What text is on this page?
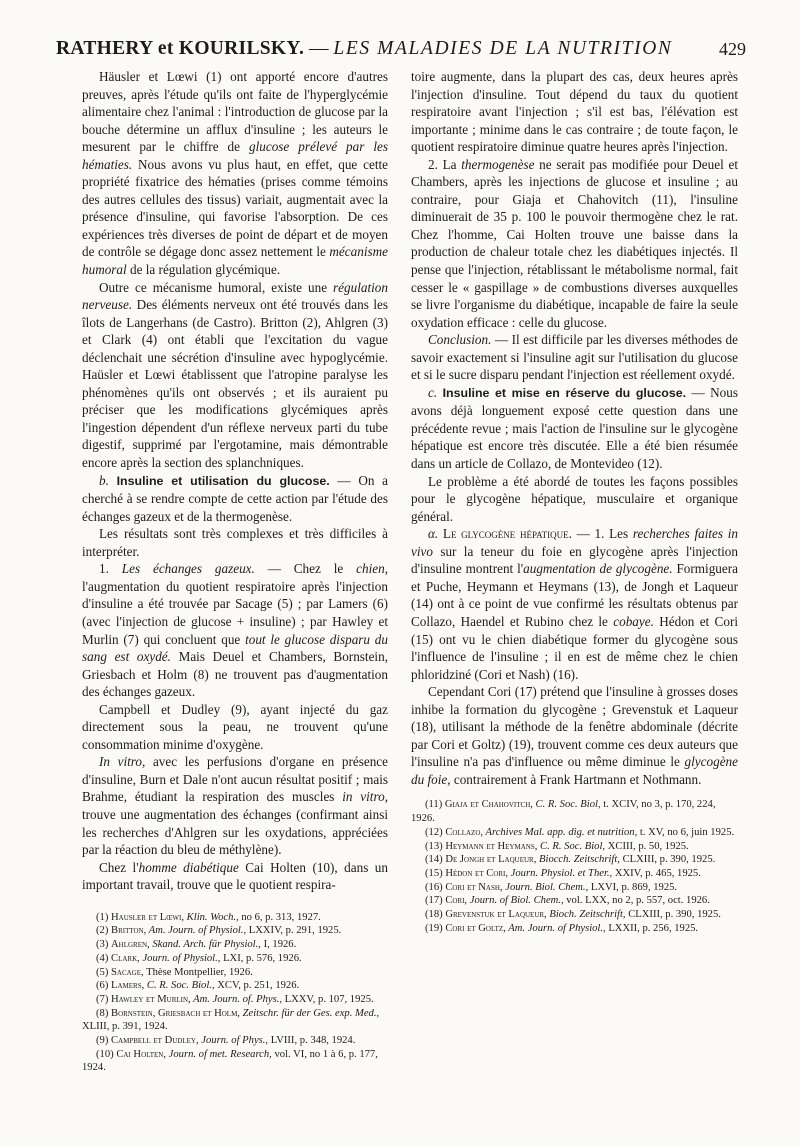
RATHERY et KOURILSKY. — LES MALADIES DE LA NUTRITION	429

Häusler et Lœwi (1) ont apporté encore d'autres preuves, après l'étude qu'ils ont faite de l'hyperglycémie alimentaire chez l'animal : l'introduction de glucose par la bouche détermine un afflux d'insuline ; les auteurs le mesurent par le chiffre de glucose prélevé par les hématies. Nous avons vu plus haut, en effet, que cette propriété fixatrice des hématies (prises comme témoins des autres cellules des tissus) variait, augmentait avec la présence d'insuline, qui favorise l'absorption. De ces expériences très diverses de point de départ et de moyen de contrôle se dégage donc assez nettement le mécanisme humoral de la régulation glycémique.

Outre ce mécanisme humoral, existe une régulation nerveuse. Des éléments nerveux ont été trouvés dans les îlots de Langerhans (de Castro). Britton (2), Ahlgren (3) et Clark (4) ont établi que l'excitation du vague déclenchait une sécrétion d'insuline avec hypoglycémie. Haüsler et Lœwi établissent que l'atropine paralyse les phénomènes qu'ils ont observés ; et ils auraient pu préciser que les modifications glycémiques après l'ingestion dépendent d'un réflexe nerveux parti du tube digestif, supprimé par l'ergotamine, mais démontrable encore après la section des splanchniques.

b. Insuline et utilisation du glucose. — On a cherché à se rendre compte de cette action par l'étude des échanges gazeux et de la thermogenèse.

Les résultats sont très complexes et très difficiles à interpréter.

1. Les échanges gazeux. — Chez le chien, l'augmentation du quotient respiratoire après l'injection d'insuline a été trouvée par Sacage (5) ; par Lamers (6) (avec l'injection de glucose + insuline) ; par Hawley et Murlin (7) qui concluent que tout le glucose disparu du sang est oxydé. Mais Deuel et Chambers, Bornstein, Griesbach et Holm (8) ne trouvent pas d'augmentation des échanges gazeux.

Campbell et Dudley (9), ayant injecté du gaz directement sous la peau, ne trouvent qu'une consommation minime d'oxygène.

In vitro, avec les perfusions d'organe en présence d'insuline, Burn et Dale n'ont aucun résultat positif ; mais Brahme, étudiant la respiration des muscles in vitro, trouve une augmentation des échanges (confirmant ainsi les recherches d'Ahlgren sur les oxydations, appréciées par la réaction du bleu de méthylène).

Chez l'homme diabétique Cai Holten (10), dans un important travail, trouve que le quotient respira-

(1) Hausler et Lœwi, Klin. Woch., no 6, p. 313, 1927.
(2) Britton, Am. Journ. of Physiol., LXXIV, p. 291, 1925.
(3) Ahlgren, Skand. Arch. für Physiol., I, 1926.
(4) Clark, Journ. of Physiol., LXI, p. 576, 1926.
(5) Sacage, Thèse Montpellier, 1926.
(6) Lamers, C. R. Soc. Biol., XCV, p. 251, 1926.
(7) Hawley et Murlin, Am. Journ. of. Phys., LXXV, p. 107, 1925.
(8) Bornstein, Griesbach et Holm, Zeitschr. für der Ges. exp. Med., XLIII, p. 391, 1924.
(9) Campbell et Dudley, Journ. of Phys., LVIII, p. 348, 1924.
(10) Cai Holten, Journ. of met. Research, vol. VI, no 1 à 6, p. 177, 1924.

toire augmente, dans la plupart des cas, deux heures après l'injection d'insuline. Tout dépend du taux du quotient respiratoire avant l'injection ; s'il est bas, l'élévation est importante ; minime dans le cas contraire ; de toute façon, le quotient respiratoire diminue quatre heures après l'injection.

2. La thermogenèse ne serait pas modifiée pour Deuel et Chambers, après les injections de glucose et insuline ; au contraire, pour Giaja et Chahovitch (11), l'insuline diminuerait de 35 p. 100 le pouvoir thermogène chez le rat. Chez l'homme, Cai Holten trouve une baisse dans la production de chaleur totale chez les diabétiques injectés. Il pense que l'injection, rétablissant le métabolisme normal, fait cesser le « gaspillage » de combustions diverses auxquelles se livre l'organisme du diabétique, incapable de faire la seule oxydation efficace : celle du glucose.

Conclusion. — Il est difficile par les diverses méthodes de savoir exactement si l'insuline agit sur l'utilisation du glucose et si le sucre disparu pendant l'injection est réellement oxydé.

c. Insuline et mise en réserve du glucose. — Nous avons déjà longuement exposé cette question dans une précédente revue ; mais l'action de l'insuline sur le glycogène hépatique est encore très discutée. Elle a été bien résumée dans un article de Collazo, de Montevideo (12).

Le problème a été abordé de toutes les façons possibles pour le glycogène hépatique, musculaire et organique général.

α. Le glycogène hépatique. — 1. Les recherches faites in vivo sur la teneur du foie en glycogène après l'injection d'insuline montrent l'augmentation de glycogène. Formiguera et Puche, Heymann et Heymans (13), de Jongh et Laqueur (14) ont à ce point de vue confirmé les résultats obtenus par Collazo, Haendel et Rubino chez le cobaye. Hédon et Cori (15) ont vu le chien diabétique former du glycogène sous l'influence de l'insuline ; il en est de même chez le chien phloridziné (Cori et Nash) (16).

Cependant Cori (17) prétend que l'insuline à grosses doses inhibe la formation du glycogène ; Grevenstuk et Laqueur (18), utilisant la méthode de la fenêtre abdominale (décrite par Cori et Goltz) (19), trouvent comme ces deux auteurs que l'insuline n'a pas d'influence ou même diminue le glycogène du foie, contrairement à Frank Hartmann et Nothmann.

(11) Giaja et Chahovitch, C. R. Soc. Biol, t. XCIV, no 3, p. 170, 224, 1926.
(12) Collazo, Archives Mal. app. dig. et nutrition, t. XV, no 6, juin 1925.
(13) Heymann et Heymans, C. R. Soc. Biol, XCIII, p. 50, 1925.
(14) De Jongh et Laqueur, Biocch. Zeitschrift, CLXIII, p. 390, 1925.
(15) Hédon et Cori, Journ. Physiol. et Ther., XXIV, p. 465, 1925.
(16) Cori et Nash, Journ. Biol. Chem., LXVI, p. 869, 1925.
(17) Cori, Journ. of Biol. Chem., vol. LXX, no 2, p. 557, oct. 1926.
(18) Grevenstuk et Laqueur, Bioch. Zeitschrift, CLXIII, p. 390, 1925.
(19) Cori et Goltz, Am. Journ. of Physiol., LXXII, p. 256, 1925.
